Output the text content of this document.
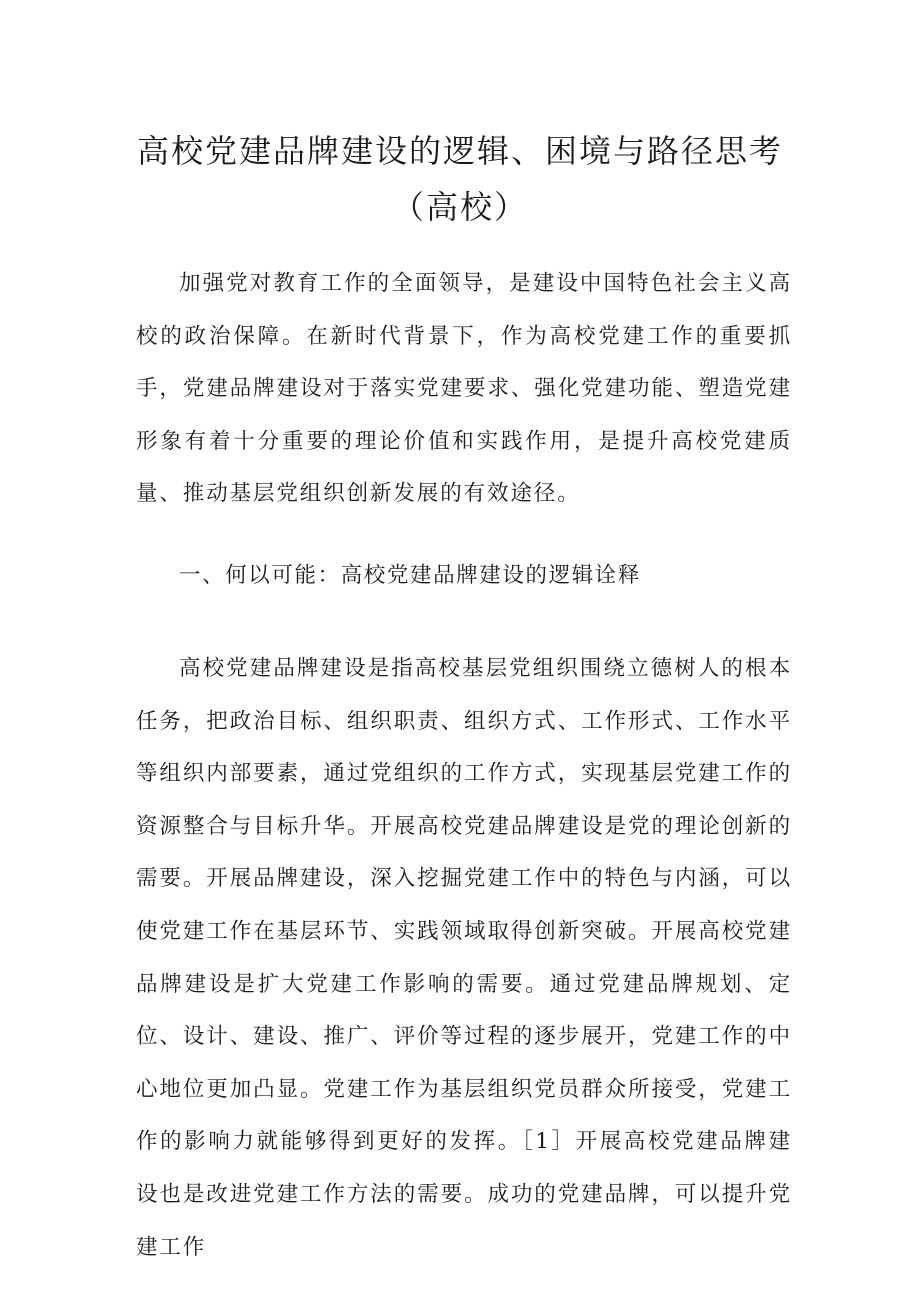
高校党建品牌建设的逻辑、困境与路径思考
（高校）

加强党对教育工作的全面领导，是建设中国特色社会主义高校的政治保障。在新时代背景下，作为高校党建工作的重要抓手，党建品牌建设对于落实党建要求、强化党建功能、塑造党建形象有着十分重要的理论价值和实践作用，是提升高校党建质量、推动基层党组织创新发展的有效途径。

一、何以可能：高校党建品牌建设的逻辑诠释

高校党建品牌建设是指高校基层党组织围绕立德树人的根本任务，把政治目标、组织职责、组织方式、工作形式、工作水平等组织内部要素，通过党组织的工作方式，实现基层党建工作的资源整合与目标升华。开展高校党建品牌建设是党的理论创新的需要。开展品牌建设，深入挖掘党建工作中的特色与内涵，可以使党建工作在基层环节、实践领域取得创新突破。开展高校党建品牌建设是扩大党建工作影响的需要。通过党建品牌规划、定位、设计、建设、推广、评价等过程的逐步展开，党建工作的中心地位更加凸显。党建工作为基层组织党员群众所接受，党建工作的影响力就能够得到更好的发挥。［1］开展高校党建品牌建设也是改进党建工作方法的需要。成功的党建品牌，可以提升党建工作
